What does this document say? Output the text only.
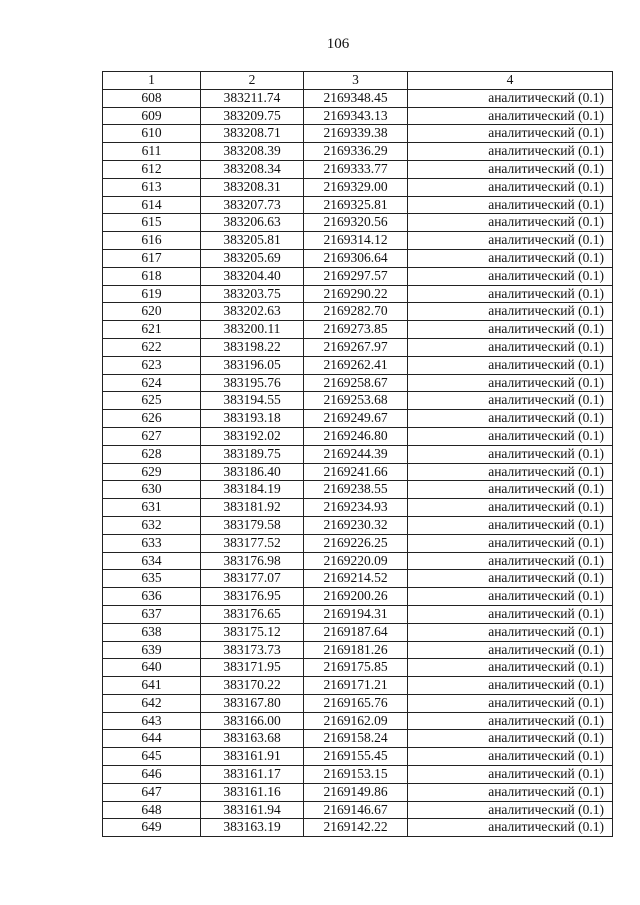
106
1	2	3	4
608	383211.74	2169348.45	аналитический (0.1)
609	383209.75	2169343.13	аналитический (0.1)
610	383208.71	2169339.38	аналитический (0.1)
611	383208.39	2169336.29	аналитический (0.1)
612	383208.34	2169333.77	аналитический (0.1)
613	383208.31	2169329.00	аналитический (0.1)
614	383207.73	2169325.81	аналитический (0.1)
615	383206.63	2169320.56	аналитический (0.1)
616	383205.81	2169314.12	аналитический (0.1)
617	383205.69	2169306.64	аналитический (0.1)
618	383204.40	2169297.57	аналитический (0.1)
619	383203.75	2169290.22	аналитический (0.1)
620	383202.63	2169282.70	аналитический (0.1)
621	383200.11	2169273.85	аналитический (0.1)
622	383198.22	2169267.97	аналитический (0.1)
623	383196.05	2169262.41	аналитический (0.1)
624	383195.76	2169258.67	аналитический (0.1)
625	383194.55	2169253.68	аналитический (0.1)
626	383193.18	2169249.67	аналитический (0.1)
627	383192.02	2169246.80	аналитический (0.1)
628	383189.75	2169244.39	аналитический (0.1)
629	383186.40	2169241.66	аналитический (0.1)
630	383184.19	2169238.55	аналитический (0.1)
631	383181.92	2169234.93	аналитический (0.1)
632	383179.58	2169230.32	аналитический (0.1)
633	383177.52	2169226.25	аналитический (0.1)
634	383176.98	2169220.09	аналитический (0.1)
635	383177.07	2169214.52	аналитический (0.1)
636	383176.95	2169200.26	аналитический (0.1)
637	383176.65	2169194.31	аналитический (0.1)
638	383175.12	2169187.64	аналитический (0.1)
639	383173.73	2169181.26	аналитический (0.1)
640	383171.95	2169175.85	аналитический (0.1)
641	383170.22	2169171.21	аналитический (0.1)
642	383167.80	2169165.76	аналитический (0.1)
643	383166.00	2169162.09	аналитический (0.1)
644	383163.68	2169158.24	аналитический (0.1)
645	383161.91	2169155.45	аналитический (0.1)
646	383161.17	2169153.15	аналитический (0.1)
647	383161.16	2169149.86	аналитический (0.1)
648	383161.94	2169146.67	аналитический (0.1)
649	383163.19	2169142.22	аналитический (0.1)
